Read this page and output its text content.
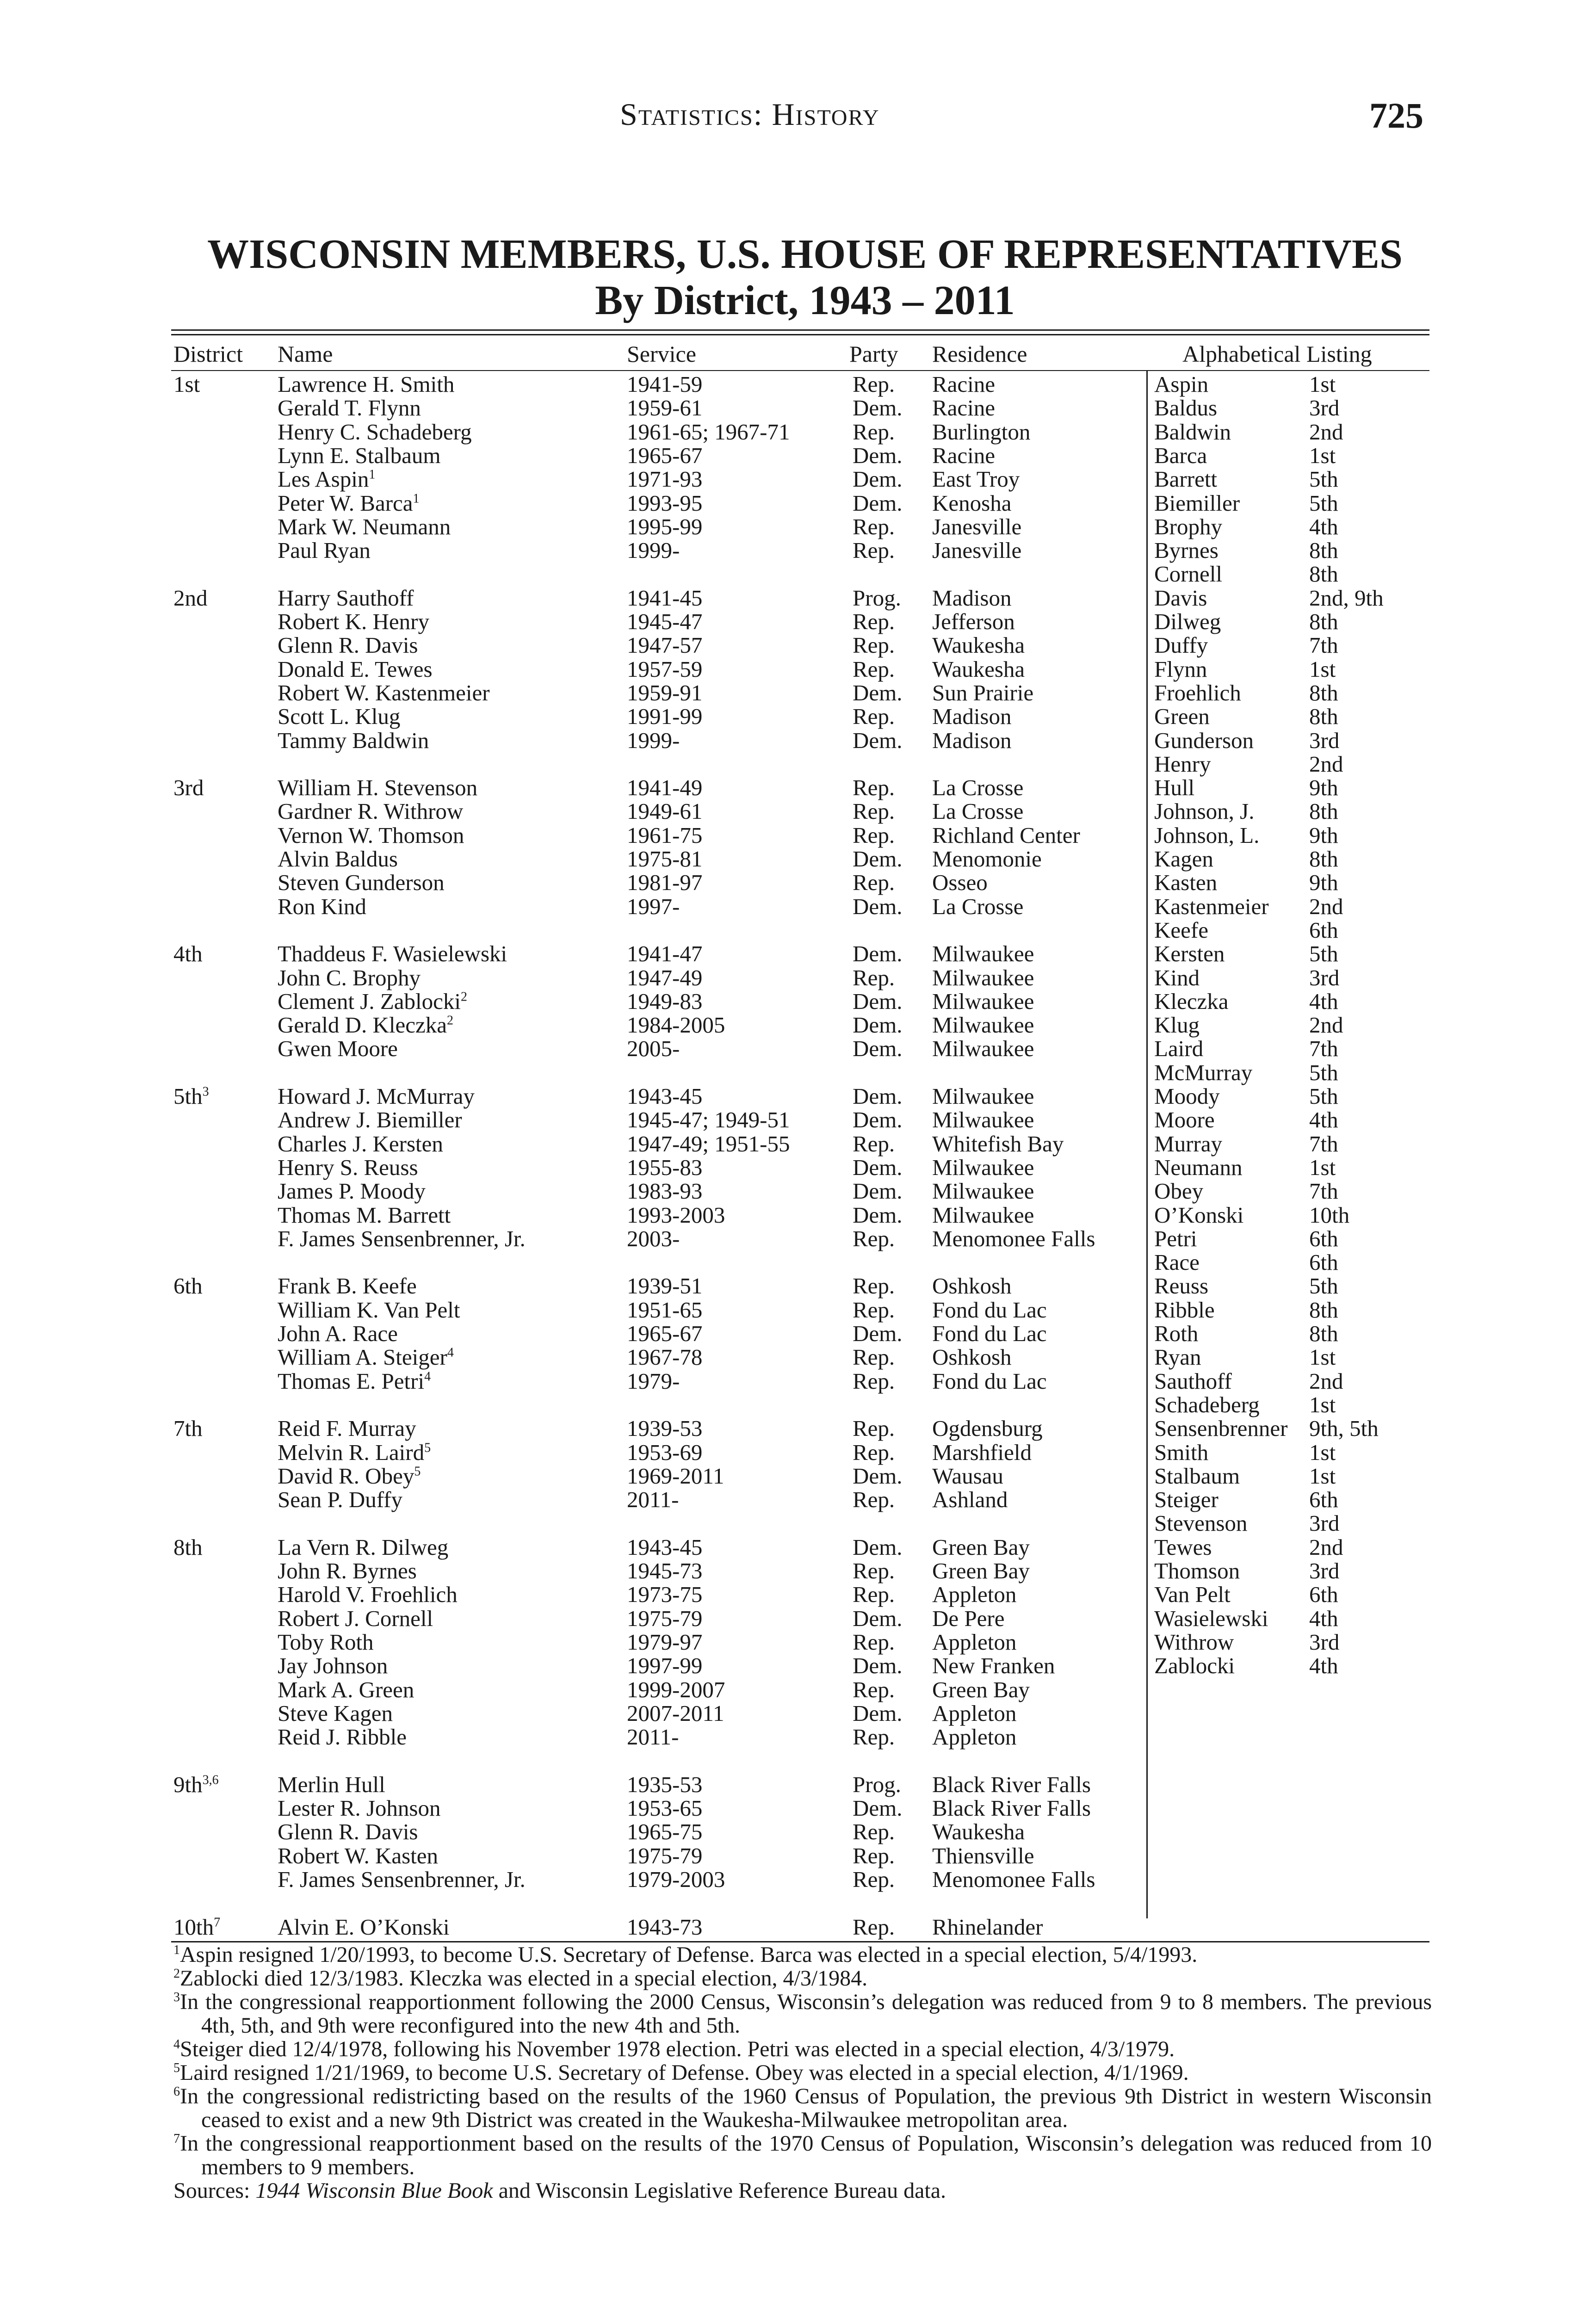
Statistics: History	725
WISCONSIN MEMBERS, U.S. HOUSE OF REPRESENTATIVES
By District, 1943 – 2011
District Name	Service	Party Residence	Alphabetical Listing
1st	Lawrence H. Smith	1941-59	Rep. Racine
Gerald T. Flynn	1959-61	Dem. Racine
Henry C. Schadeberg	1961-65; 1967-71	Rep. Burlington
Lynn E. Stalbaum	1965-67	Dem. Racine
Les Aspin$^1$	1971-93	Dem. East Troy
Peter W. Barca$^1$	1993-95	Dem. Kenosha
Mark W. Neumann	1995-99	Rep. Janesville
Paul Ryan	1999-	Rep. Janesville
2nd	Harry Sauthoff	1941-45	Prog. Madison
Robert K. Henry	1945-47	Rep. Jefferson
Glenn R. Davis	1947-57	Rep. Waukesha
Donald E. Tewes	1957-59	Rep. Waukesha
Robert W. Kastenmeier	1959-91	Dem. Sun Prairie
Scott L. Klug	1991-99	Rep. Madison
Tammy Baldwin	1999-	Dem. Madison
3rd	William H. Stevenson	1941-49	Rep. La Crosse
Gardner R. Withrow	1949-61	Rep. La Crosse
Vernon W. Thomson	1961-75	Rep. Richland Center
Alvin Baldus	1975-81	Dem. Menomonie
Steven Gunderson	1981-97	Rep. Osseo
Ron Kind	1997-	Dem. La Crosse
4th	Thaddeus F. Wasielewski	1941-47	Dem. Milwaukee
John C. Brophy	1947-49	Rep. Milwaukee
Clement J. Zablocki$^2$	1949-83	Dem. Milwaukee
Gerald D. Kleczka$^2$	1984-2005	Dem. Milwaukee
Gwen Moore	2005-	Dem. Milwaukee
$5th^3$	Howard J. McMurray	1943-45	Dem. Milwaukee
Andrew J. Biemiller	1945-47; 1949-51	Dem. Milwaukee
Charles J. Kersten	1947-49; 1951-55	Rep. Whitefish Bay
Henry S. Reuss	1955-83	Dem. Milwaukee
James P. Moody	1983-93	Dem. Milwaukee
Thomas M. Barrett	1993-2003	Dem. Milwaukee
F. James Sensenbrenner, Jr.	2003-	Rep. Menomonee Falls
6th	Frank B. Keefe	1939-51	Rep. Oshkosh
William K. Van Pelt	1951-65	Rep. Fond du Lac
John A. Race	1965-67	Dem. Fond du Lac
William A. Steiger$^4$	1967-78	Rep. Oshkosh
Thomas E. Petri$^4$	1979-	Rep. Fond du Lac
7th	Reid F. Murray	1939-53	Rep. Ogdensburg
Melvin R. Laird$^5$	1953-69	Rep. Marshfield
David R. Obey$^5$	1969-2011	Dem. Wausau
Sean P. Duffy	2011-	Rep. Ashland
8th	La Vern R. Dilweg	1943-45	Dem. Green Bay
John R. Byrnes	1945-73	Rep. Green Bay
Harold V. Froehlich	1973-75	Rep. Appleton
Robert J. Cornell	1975-79	Dem. De Pere
Toby Roth	1979-97	Rep. Appleton
Jay Johnson	1997-99	Dem. New Franken
Mark A. Green	1999-2007	Rep. Green Bay
Steve Kagen	2007-2011	Dem. Appleton
Reid J. Ribble	2011-	Rep. Appleton
9th$^{3,6}$	Merlin Hull	1935-53	Prog. Black River Falls
Lester R. Johnson	1953-65	Dem. Black River Falls
Glenn R. Davis	1965-75	Rep. Waukesha
Robert W. Kasten	1975-79	Rep. Thiensville
F. James Sensenbrenner, Jr.	1979-2003	Rep. Menomonee Falls
$10th^7$	Alvin E. O’Konski	1943-73	Rep. Rhinelander
Aspin	1st
Baldus	3rd
Baldwin	2nd
Barca	1st
Barrett	5th
Biemiller	5th
Brophy	4th
Byrnes	8th
Cornell	8th
Davis	2nd, 9th
Dilweg	8th
Duffy	7th
Flynn	1st
Froehlich	8th
Green	8th
Gunderson 3rd
Henry	2nd
Hull	9th
Johnson, J. 8th
Johnson, L. 9th
Kagen	8th
Kasten	9th
Kastenmeier 2nd
Keefe	6th
Kersten	5th
Kind	3rd
Kleczka	4th
Klug	2nd
Laird	7th
McMurray	5th
Moody	5th
Moore	4th
Murray	7th
Neumann	1st
Obey	7th
O’Konski	10th
Petri	6th
Race	6th
Reuss	5th
Ribble	8th
Roth	8th
Ryan	1st
Sauthoff	2nd
Schadeberg 1st
Sensenbrenner 9th, 5th
Smith	1st
Stalbaum	1st
Steiger	6th
Stevenson	3rd
Tewes	2nd
Thomson	3rd
Van Pelt	6th
Wasielewski 4th
Withrow	3rd
Zablocki	4th
$^1$Aspin resigned 1/20/1993, to become U.S. Secretary of Defense. Barca was elected in a special election, 5/4/1993.
$^2$Zablocki died 12/3/1983. Kleczka was elected in a special election, 4/3/1984.
$^3$In the congressional reapportionment following the 2000 Census, Wisconsin’s delegation was reduced from 9 to 8 members. The previous 4th, 5th, and 9th were reconfigured into the new 4th and 5th.
$^4$Steiger died 12/4/1978, following his November 1978 election. Petri was elected in a special election, 4/3/1979.
$^5$Laird resigned 1/21/1969, to become U.S. Secretary of Defense. Obey was elected in a special election, 4/1/1969.
$^6$In the congressional redistricting based on the results of the 1960 Census of Population, the previous 9th District in western Wisconsin ceased to exist and a new 9th District was created in the Waukesha-Milwaukee metropolitan area.
$^7$In the congressional reapportionment based on the results of the 1970 Census of Population, Wisconsin’s delegation was reduced from 10 members to 9 members.
Sources: 1944 Wisconsin Blue Book and Wisconsin Legislative Reference Bureau data.
